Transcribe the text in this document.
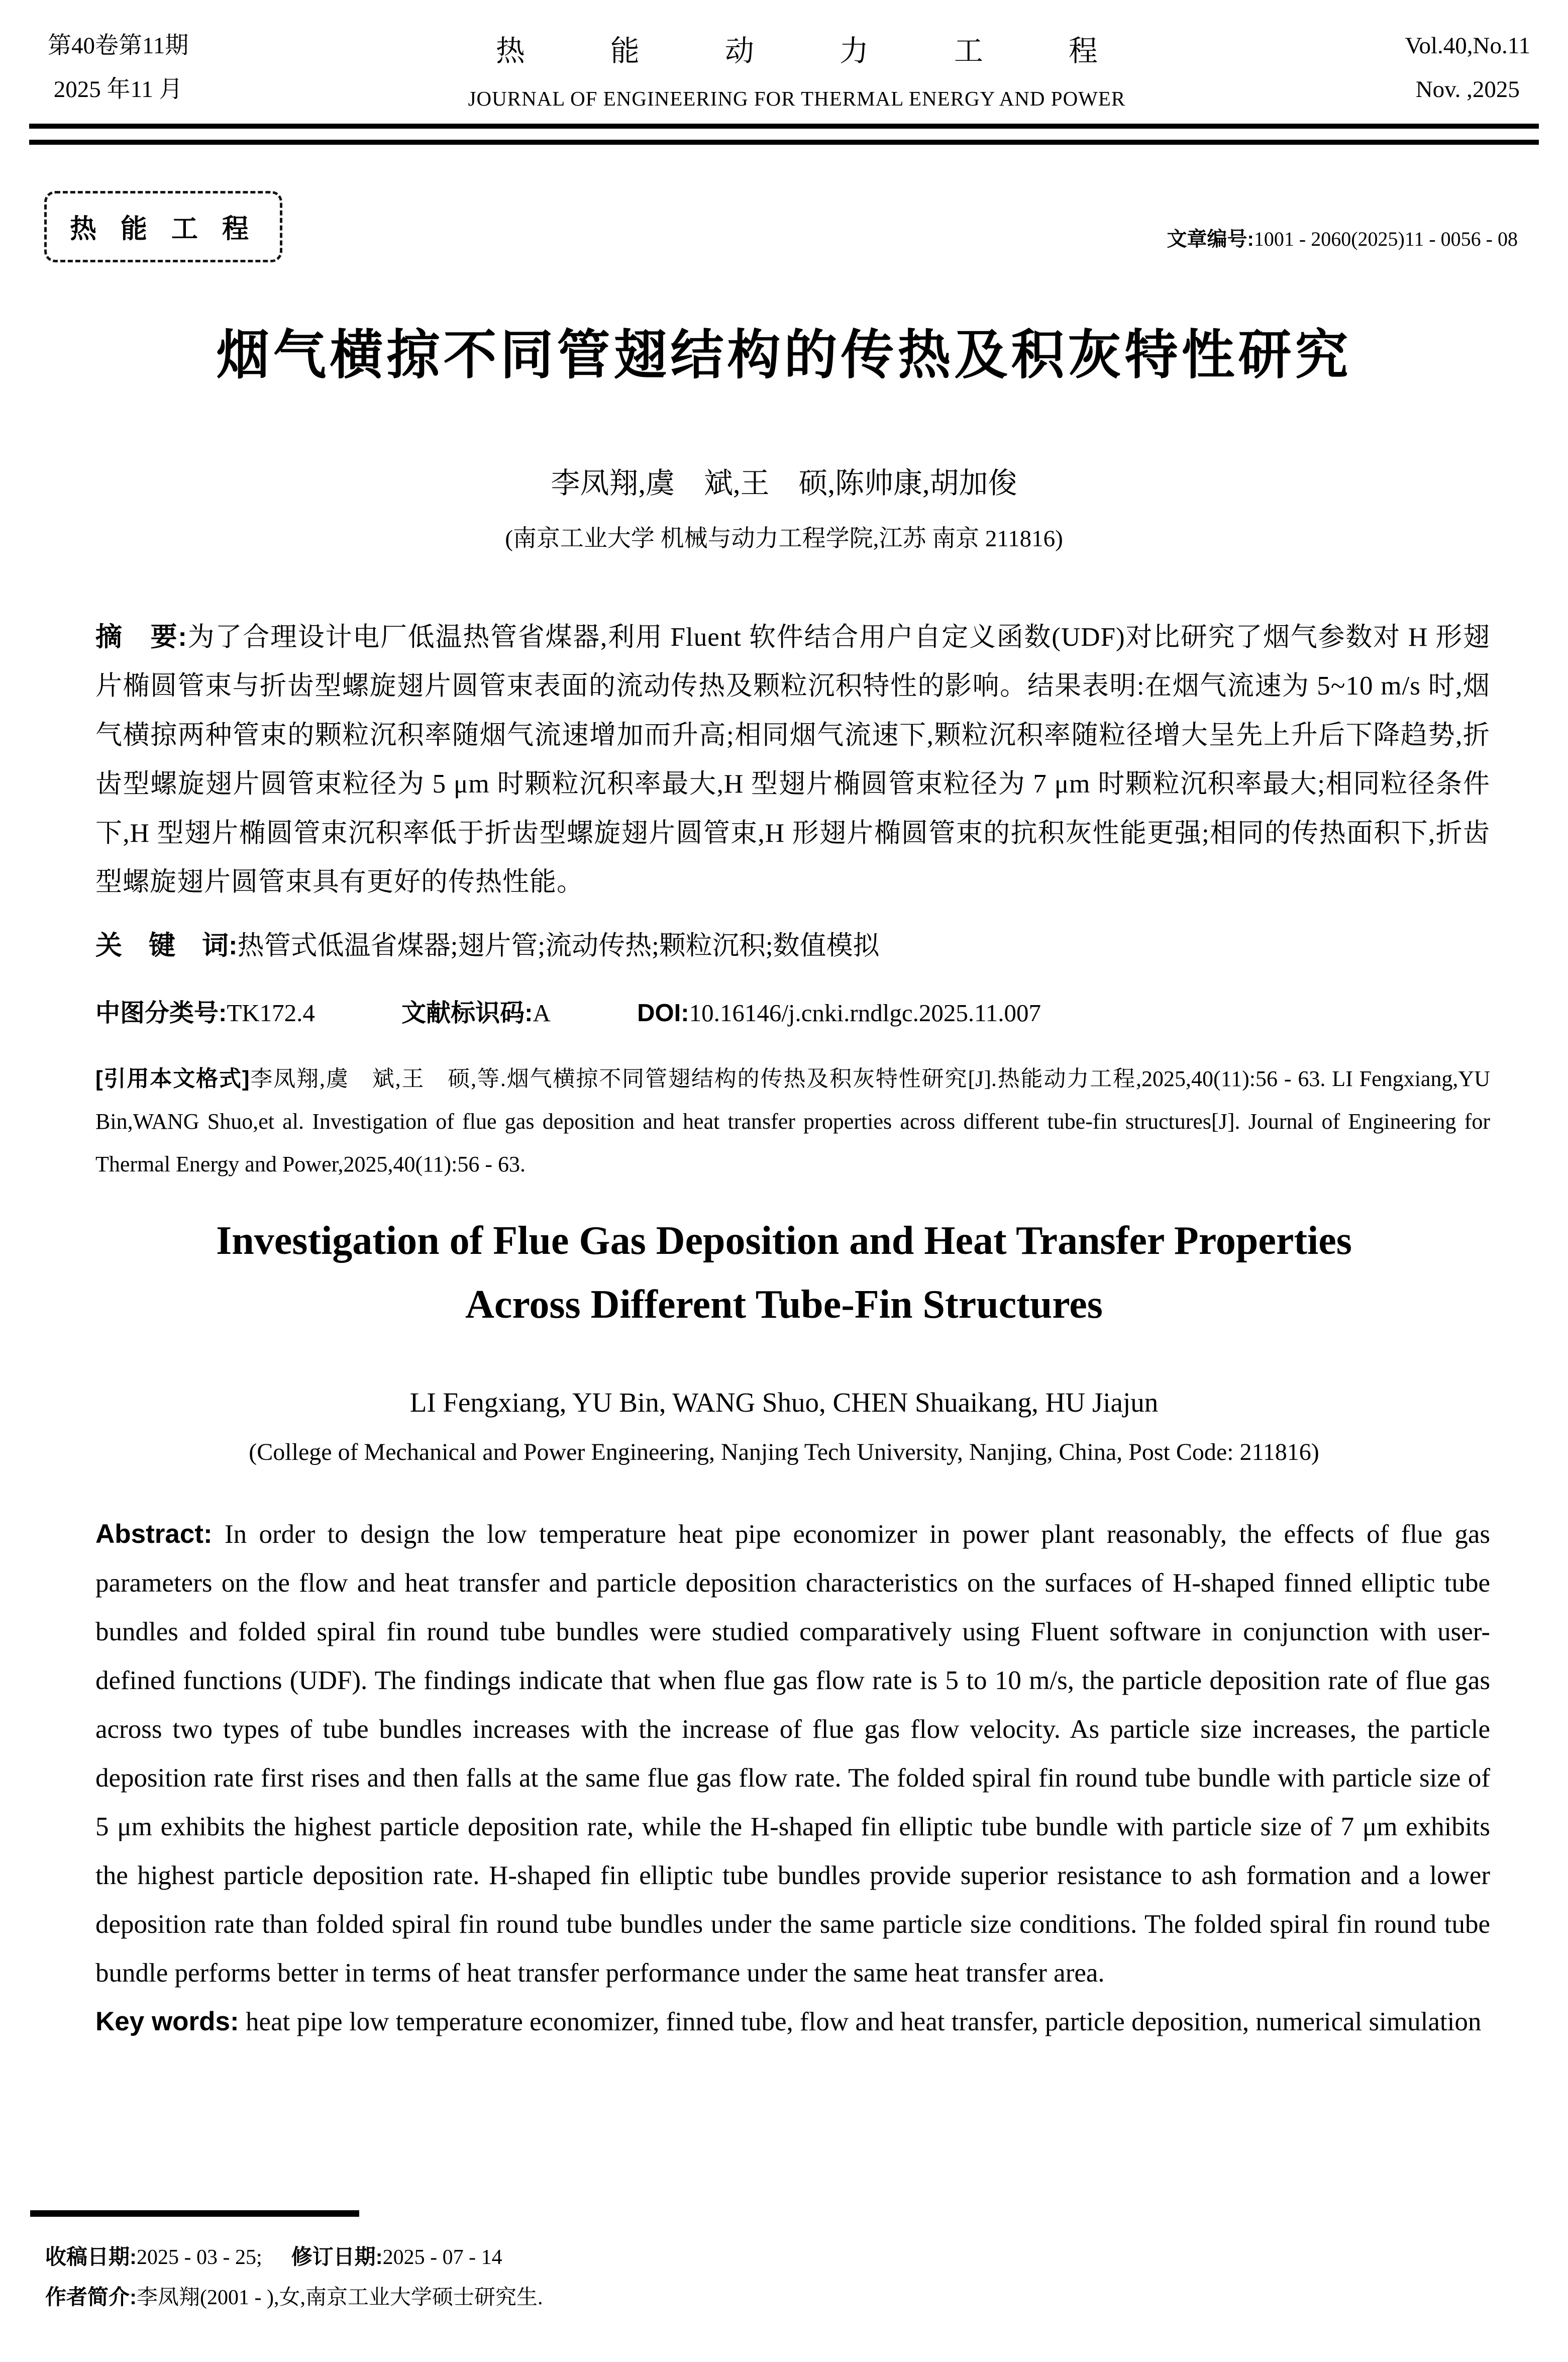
第40卷第11期
2025 年11 月
热能动力工程
JOURNAL OF ENGINEERING FOR THERMAL ENERGY AND POWER
Vol.40,No.11
Nov. ,2025
热能工程	文章编号:1001 - 2060(2025)11 - 0056 - 08
烟气横掠不同管翅结构的传热及积灰特性研究
李凤翔,虞　斌,王　硕,陈帅康,胡加俊
(南京工业大学 机械与动力工程学院,江苏 南京 211816)
摘　要:为了合理设计电厂低温热管省煤器,利用 Fluent 软件结合用户自定义函数(UDF)对比研究了烟气参数对 H 形翅片椭圆管束与折齿型螺旋翅片圆管束表面的流动传热及颗粒沉积特性的影响。结果表明:在烟气流速为 5~10 m/s 时,烟气横掠两种管束的颗粒沉积率随烟气流速增加而升高;相同烟气流速下,颗粒沉积率随粒径增大呈先上升后下降趋势,折齿型螺旋翅片圆管束粒径为 5 μm 时颗粒沉积率最大,H 型翅片椭圆管束粒径为 7 μm 时颗粒沉积率最大;相同粒径条件下,H 型翅片椭圆管束沉积率低于折齿型螺旋翅片圆管束,H 形翅片椭圆管束的抗积灰性能更强;相同的传热面积下,折齿型螺旋翅片圆管束具有更好的传热性能。
关　键　词:热管式低温省煤器;翅片管;流动传热;颗粒沉积;数值模拟
中图分类号:TK172.4	文献标识码:A	DOI:10.16146/j.cnki.rndlgc.2025.11.007
[引用本文格式]李凤翔,虞　斌,王　硕,等.烟气横掠不同管翅结构的传热及积灰特性研究[J].热能动力工程,2025,40(11):56 - 63. LI Fengxiang,YU Bin,WANG Shuo,et al. Investigation of flue gas deposition and heat transfer properties across different tube-fin structures[J]. Journal of Engineering for Thermal Energy and Power,2025,40(11):56 - 63.
Investigation of Flue Gas Deposition and Heat Transfer Properties
Across Different Tube-Fin Structures
LI Fengxiang, YU Bin, WANG Shuo, CHEN Shuaikang, HU Jiajun
(College of Mechanical and Power Engineering, Nanjing Tech University, Nanjing, China, Post Code: 211816)
Abstract: In order to design the low temperature heat pipe economizer in power plant reasonably, the effects of flue gas parameters on the flow and heat transfer and particle deposition characteristics on the surfaces of H-shaped finned elliptic tube bundles and folded spiral fin round tube bundles were studied comparatively using Fluent software in conjunction with user-defined functions (UDF). The findings indicate that when flue gas flow rate is 5 to 10 m/s, the particle deposition rate of flue gas across two types of tube bundles increases with the increase of flue gas flow velocity. As particle size increases, the particle deposition rate first rises and then falls at the same flue gas flow rate. The folded spiral fin round tube bundle with particle size of 5 μm exhibits the highest particle deposition rate, while the H-shaped fin elliptic tube bundle with particle size of 7 μm exhibits the highest particle deposition rate. H-shaped fin elliptic tube bundles provide superior resistance to ash formation and a lower deposition rate than folded spiral fin round tube bundles under the same particle size conditions. The folded spiral fin round tube bundle performs better in terms of heat transfer performance under the same heat transfer area.
Key words: heat pipe low temperature economizer, finned tube, flow and heat transfer, particle deposition, numerical simulation
收稿日期:2025 - 03 - 25; 修订日期:2025 - 07 - 14
作者简介:李凤翔(2001 - ),女,南京工业大学硕士研究生.
